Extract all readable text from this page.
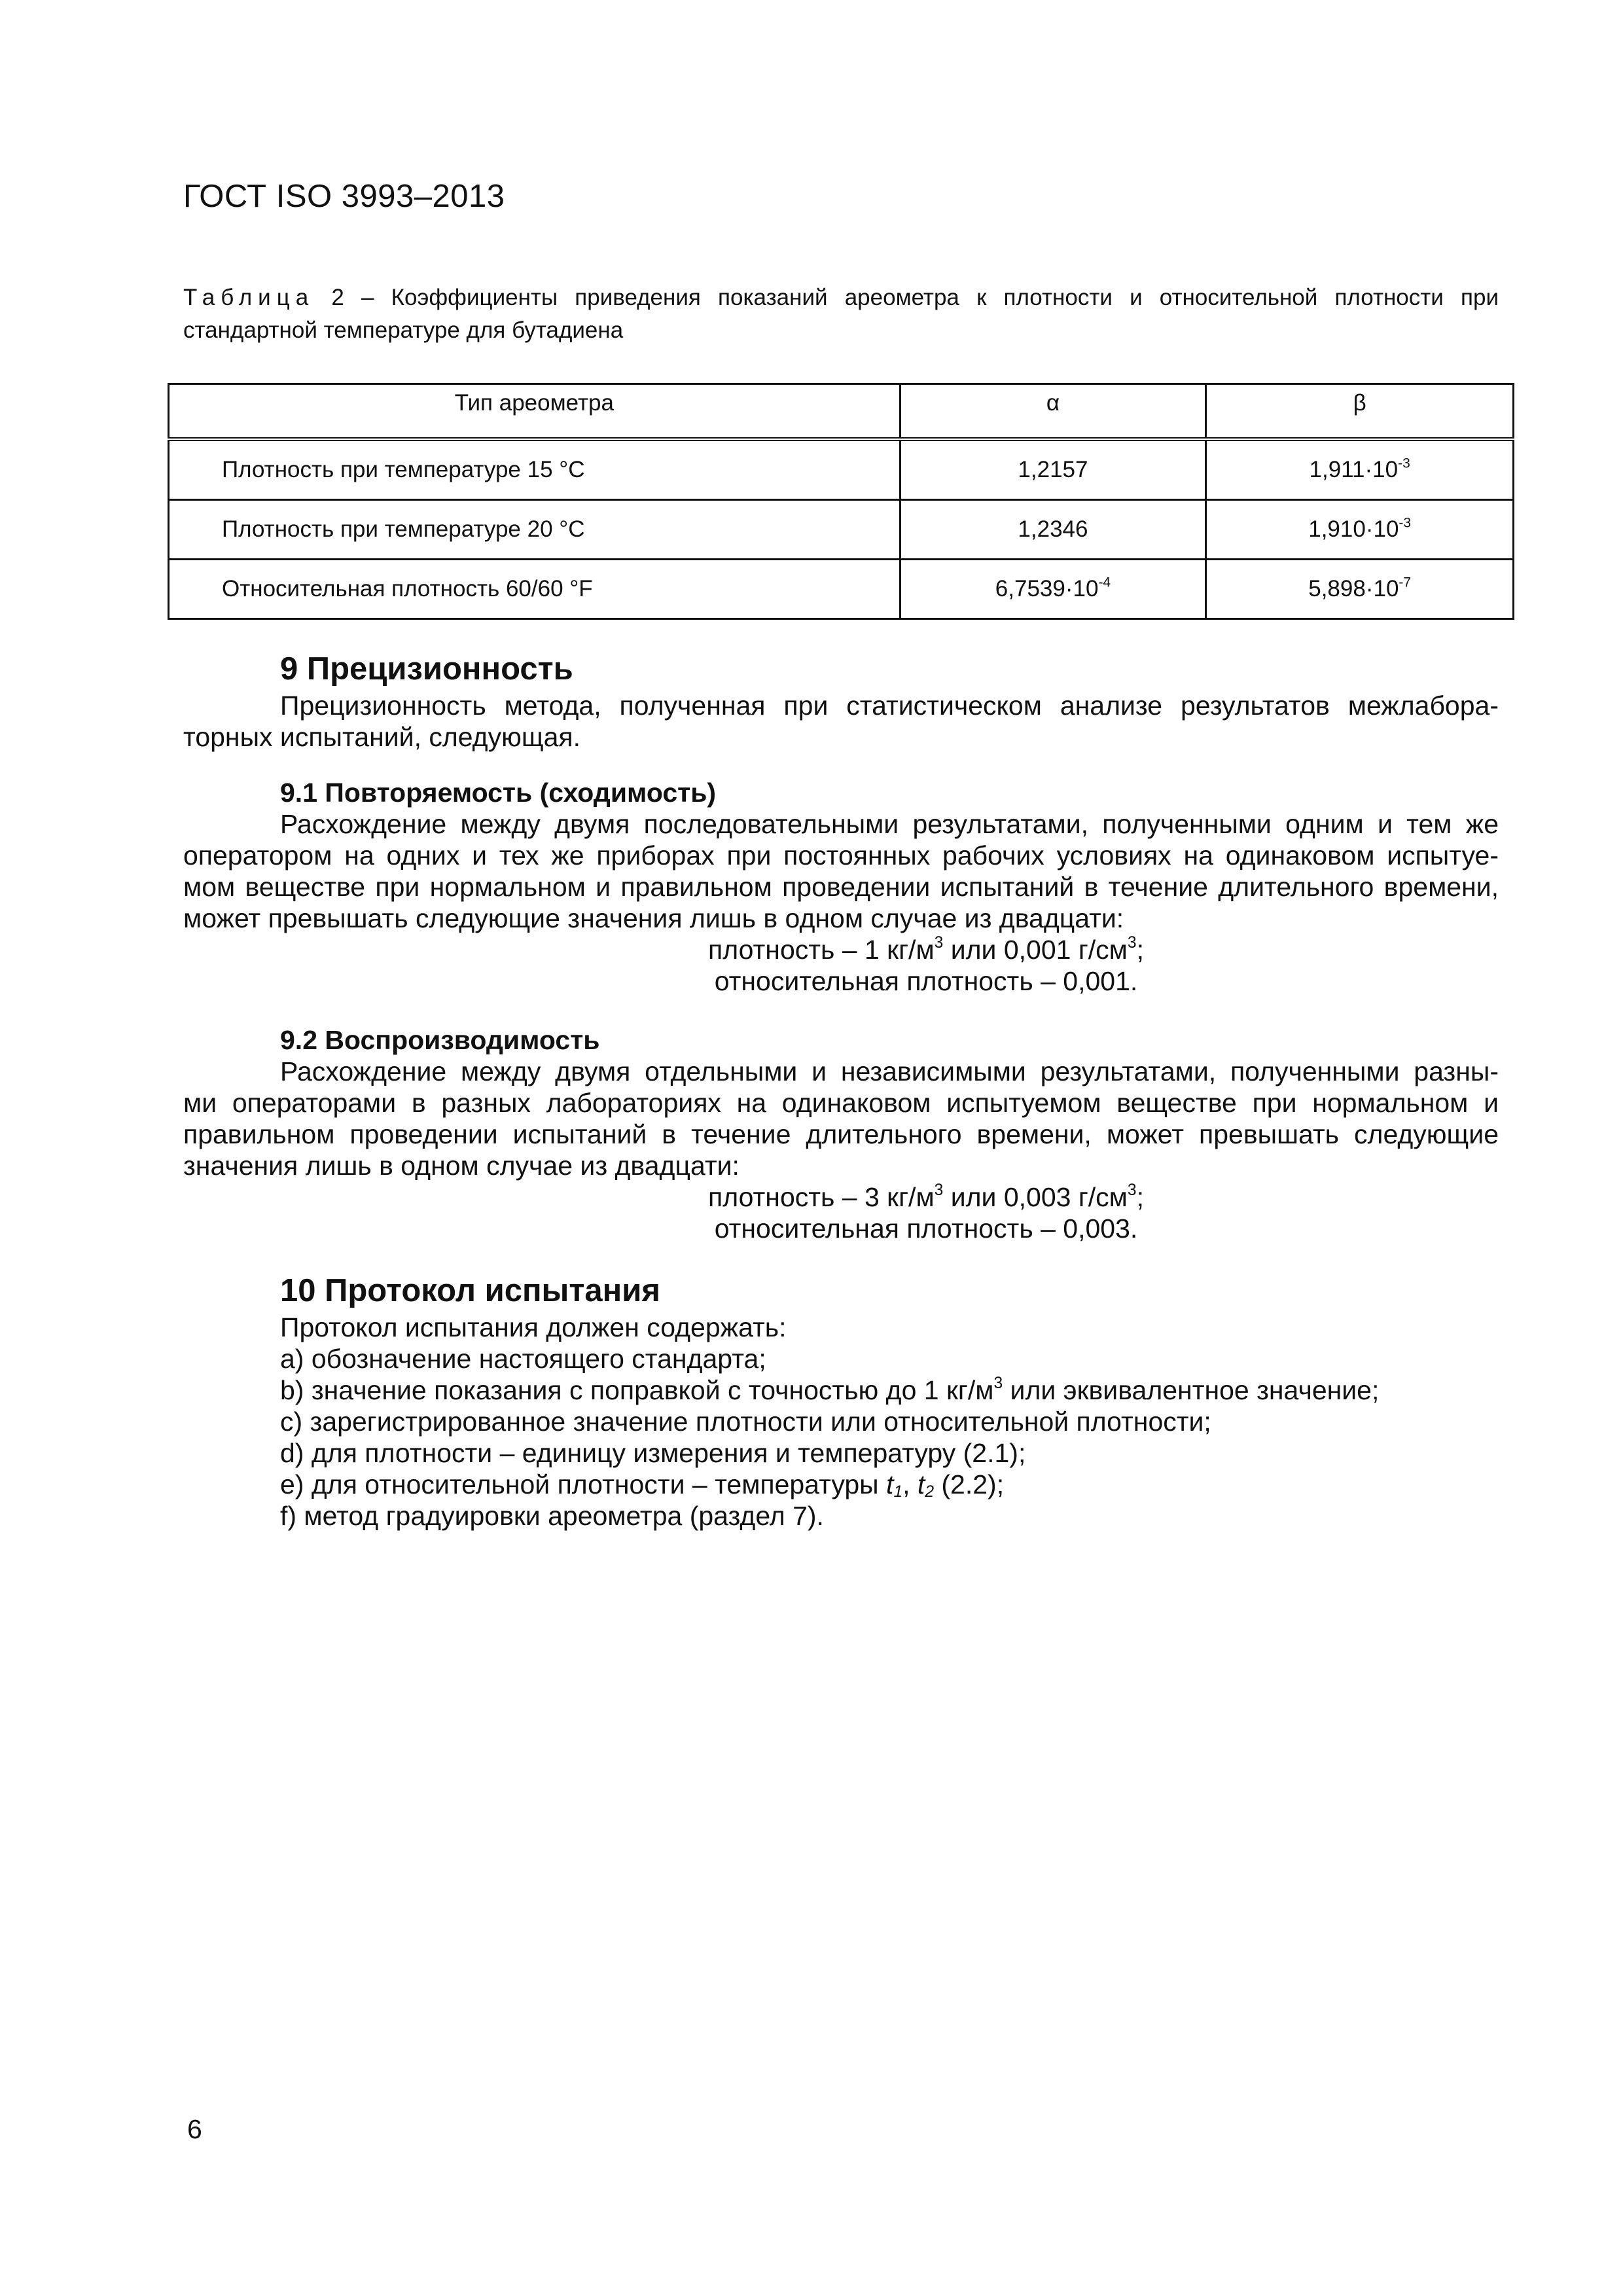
ГОСТ ISO 3993–2013
Таблица 2 – Коэффициенты приведения показаний ареометра к плотности и относительной плотности при стандартной температуре для бутадиена
Тип ареометра	α	β

Плотность при температуре 15 °С	1,2157	$1,911\cdot 10^{-3}$

Плотность при температуре 20 °С	1,2346	$1,910\cdot 10^{-3}$

Относительная плотность 60/60 °F	$6,7539\cdot 10^{-4}$	$5,898\cdot 10^{-7}$
9 Прецизионность
Прецизионность метода, полученная при статистическом анализе результатов межлабора-
торных испытаний, следующая.
9.1 Повторяемость (сходимость)
Расхождение между двумя последовательными результатами, полученными одним и тем же
оператором на одних и тех же приборах при постоянных рабочих условиях на одинаковом испытуе-
мом веществе при нормальном и правильном проведении испытаний в течение длительного времени,
может превышать следующие значения лишь в одном случае из двадцати:
плотность – 1 $кг/м^3$ или 0,001 $г/см^3$;
относительная плотность – 0,001.
9.2 Воспроизводимость
Расхождение между двумя отдельными и независимыми результатами, полученными разны-
ми операторами в разных лабораториях на одинаковом испытуемом веществе при нормальном и
правильном проведении испытаний в течение длительного времени, может превышать следующие
значения лишь в одном случае из двадцати:
плотность – 3 $кг/м^3$ или 0,003 $г/см^3$;
относительная плотность – 0,003.
10 Протокол испытания
Протокол испытания должен содержать:
a) обозначение настоящего стандарта;
b) значение показания с поправкой с точностью до 1 $кг/м^3$ или эквивалентное значение;
c) зарегистрированное значение плотности или относительной плотности;
d) для плотности – единицу измерения и температуру (2.1);
e) для относительной плотности – температуры $t_1$, $t_2$ (2.2);
f) метод градуировки ареометра (раздел 7).
6
